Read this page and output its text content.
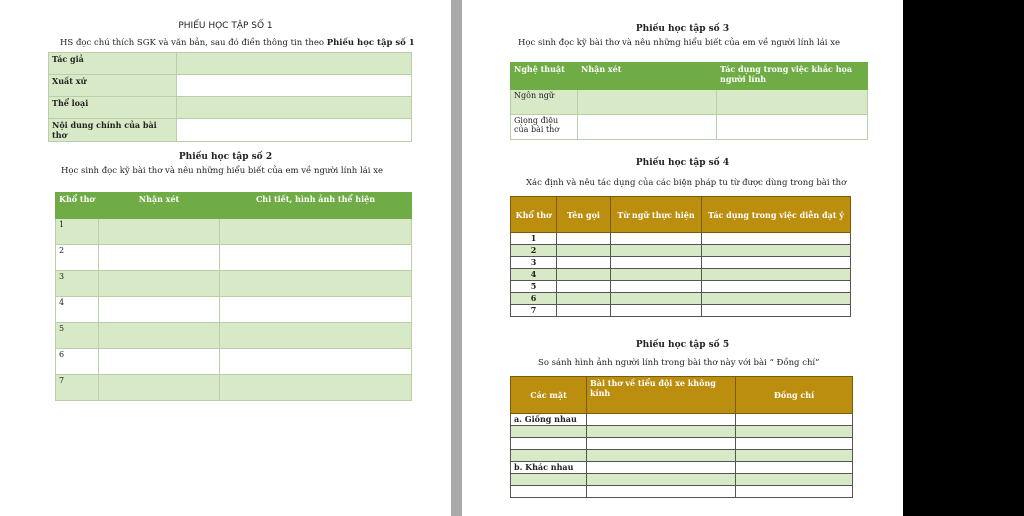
PHIẾU HỌC TẬP SỐ 1
HS đọc chú thích SGK và văn bản, sau đó điền thông tin theo Phiếu học tập số 1
Tác giả	
Xuất xứ	
Thể loại	
Nội dung chính của bài thơ	
Phiếu học tập số 2
Học sinh đọc kỹ bài thơ và nêu những hiểu biết của em về người lính lái xe
Khổ thơ	Nhận xét	Chi tiết, hình ảnh thể hiện
1		
2		
3		
4		
5		
6		
7		
Phiếu học tập số 3
Học sinh đọc kỹ bài thơ và nêu những hiểu biết của em về người lính lái xe
Nghệ thuật	Nhận xét	Tác dụng trong việc khắc họa người lính
Ngôn ngữ		
Giọng điệu của bài thơ		
Phiếu học tập số 4
Xác định và nêu tác dụng của các biện pháp tu từ được dùng trong bài thơ
Khổ thơ	Tên gọi	Từ ngữ thực hiện	Tác dụng trong việc diễn đạt ý
1			
2			
3			
4			
5			
6			
7			
Phiếu học tập số 5
So sánh hình ảnh người lính trong bài thơ này với bài “ Đồng chí”
Các mặt	Bài thơ về tiểu đội xe không kính	Đồng chí
a. Giống nhau		

b. Khác nhau		
